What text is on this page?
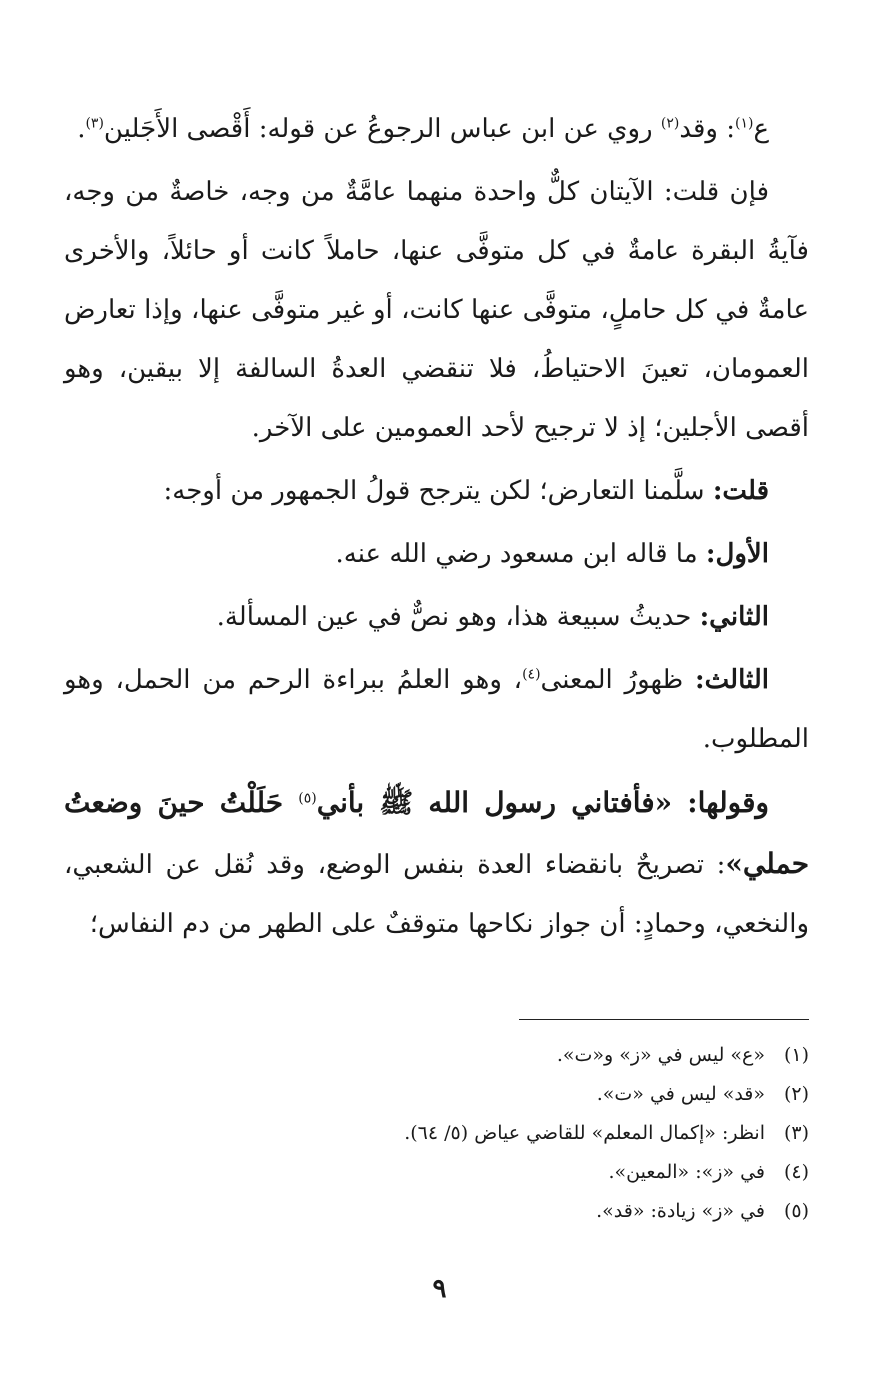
ع$^{(١)}$: وقد$^{(٢)}$ روي عن ابن عباس الرجوعُ عن قوله: أَقْصى الأَجَلين$^{(٣)}$.

فإن قلت: الآيتان كلٌّ واحدة منهما عامَّةٌ من وجه، خاصةٌ من وجه، فآيةُ البقرة عامةٌ في كل متوفَّى عنها، حاملاً كانت أو حائلاً، والأخرى عامةٌ في كل حاملٍ، متوفَّى عنها كانت، أو غير متوفَّى عنها، وإذا تعارض العمومان، تعينَ الاحتياطُ، فلا تنقضي العدةُ السالفة إلا بيقين، وهو أقصى الأجلين؛ إذ لا ترجيح لأحد العمومين على الآخر.

قلت: سلَّمنا التعارض؛ لكن يترجح قولُ الجمهور من أوجه:

الأول: ما قاله ابن مسعود رضي الله عنه.

الثاني: حديثُ سبيعة هذا، وهو نصٌّ في عين المسألة.

الثالث: ظهورُ المعنى$^{(٤)}$، وهو العلمُ ببراءة الرحم من الحمل، وهو المطلوب.

وقولها: «فأفتاني رسول الله ﷺ بأني$^{(٥)}$ حَلَلْتُ حينَ وضعتُ حملي»: تصريحٌ بانقضاء العدة بنفس الوضع، وقد نُقل عن الشعبي، والنخعي، وحمادٍ: أن جواز نكاحها متوقفٌ على الطهر من دم النفاس؛

(١)
«ع» ليس في «ز» و«ت».
(٢)
«قد» ليس في «ت».
(٣)
انظر: «إكمال المعلم» للقاضي عياض (٥/ ٦٤).
(٤)
في «ز»: «المعين».
(٥)
في «ز» زيادة: «قد».
٩
